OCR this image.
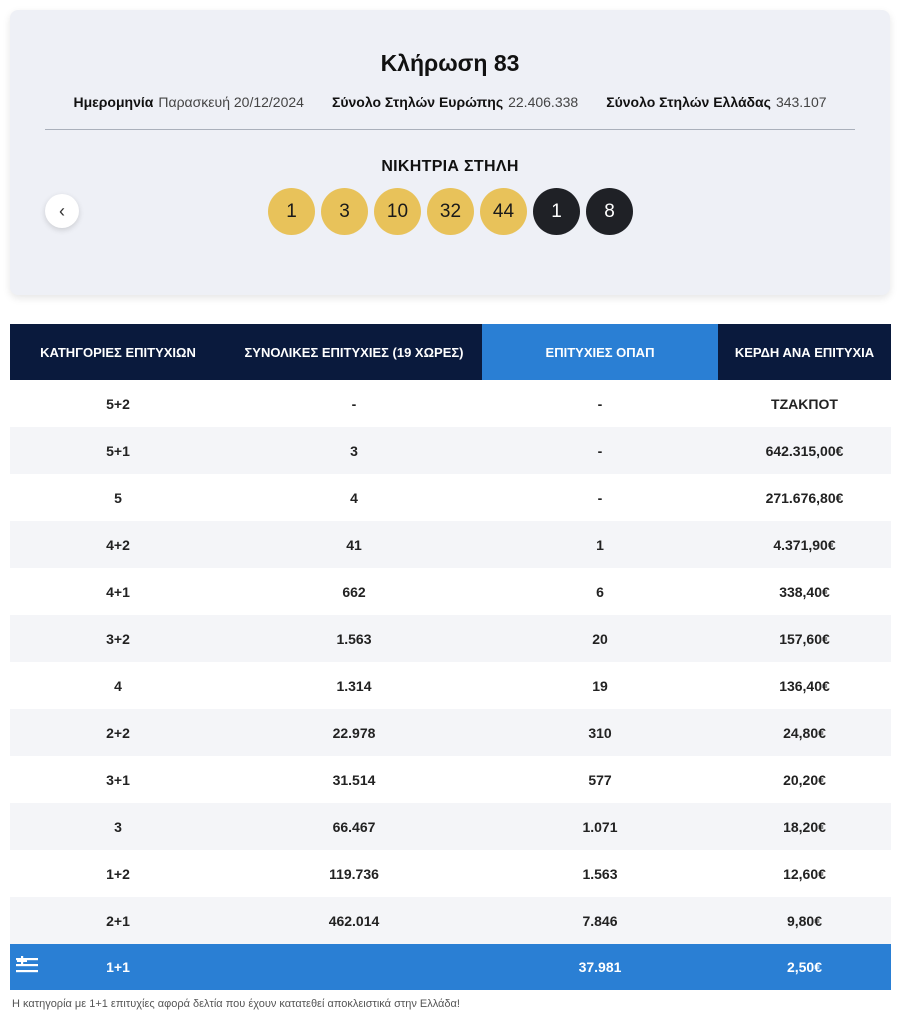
Κλήρωση 83
Ημερομηνία Παρασκευή 20/12/2024 Σύνολο Στηλών Ευρώπης 22.406.338 Σύνολο Στηλών Ελλάδας 343.107
ΝΙΚΗΤΡΙΑ ΣΤΗΛΗ
‹	1	3	10	32	44	1	8
ΚΑΤΗΓΟΡΙΕΣ ΕΠΙΤΥΧΙΩΝ	ΣΥΝΟΛΙΚΕΣ ΕΠΙΤΥΧΙΕΣ (19 ΧΩΡΕΣ)	ΕΠΙΤΥΧΙΕΣ ΟΠΑΠ	ΚΕΡΔΗ ΑΝΑ ΕΠΙΤΥΧΙΑ
5+2	-	-	ΤΖΑΚΠΟΤ
5+1	3	-	642.315,00€
5	4	-	271.676,80€
4+2	41	1	4.371,90€
4+1	662	6	338,40€
3+2	1.563	20	157,60€
4	1.314	19	136,40€
2+2	22.978	310	24,80€
3+1	31.514	577	20,20€
3	66.467	1.071	18,20€
1+2	119.736	1.563	12,60€
2+1	462.014	7.846	9,80€

1+1		37.981	2,50€
Η κατηγορία με 1+1 επιτυχίες αφορά δελτία που έχουν κατατεθεί αποκλειστικά στην Ελλάδα!
